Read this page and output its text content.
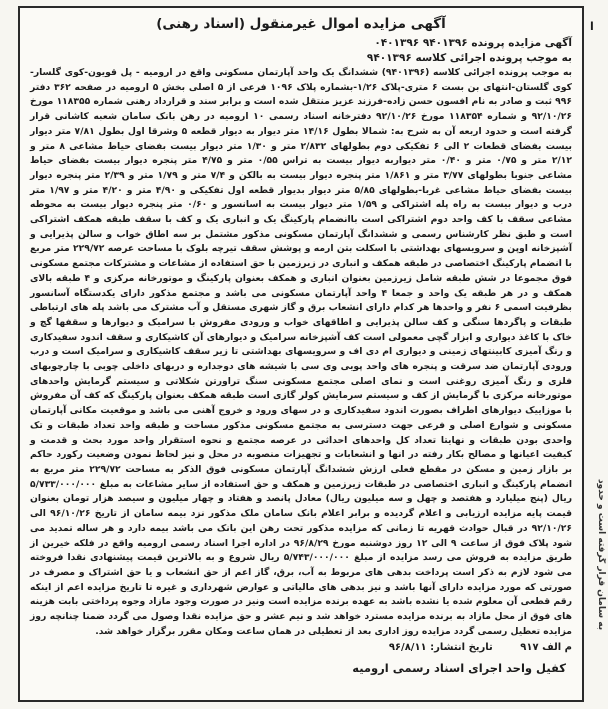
ا
به سامان قرار گرفته است و حدود
آگهی مزایده اموال غیرمنقول (اسناد رهنی)
آگهی مزایده پرونده ۹۴۰۱۳۹۶ ۰۴۰۱۳۹۶
به موجب پرونده اجرائی کلاسه ۹۴۰۱۳۹۶

به موجب پرونده اجرائی کلاسه (۹۴۰۱۳۹۶) ششدانگ یک واحد آپارتمان مسکونی واقع در ارومیه - پل قویون-کوی گلسار-کوی گلستان-انتهای بن بست ۶ متری-پلاک ۱/۲۶-بشماره پلاک ۱۰۹۶ فرعی از ۵ اصلی بخش ۵ ارومیه در صفحه ۳۶۲ دفتر ۹۹۶ ثبت و صادر به نام افسون حسن زاده-فرزند عزیز منتقل شده است و برابر سند و قرارداد رهنی شماره ۱۱۸۳۵۵ مورخ ۹۲/۱۰/۲۶ و شماره ۱۱۸۳۵۴ مورخ ۹۲/۱۰/۲۶ دفترخانه اسناد رسمی ۱۰ ارومیه در رهن بانک سامان شعبه کاشانی قرار گرفته است و حدود اربعه آن به شرح به: شمالا بطول ۱۴/۱۶ متر دیوار به دیوار قطعه ۵ وشرقا اول بطول ۷/۸۱ متر دیوار بیست بفضای قطعات ۲ الی ۶ تفکیکی دوم بطولهای ۲/۸۳۲ متر و ۱/۳۰ متر دیوار بیست بفضای حیاط مشاعی ۸ متر و ۲/۱۲ متر و ۰/۷۵ متر و ۰/۴۰ متر دیواربه دیوار بیست به تراس ۰/۵۵ متر و ۴/۷۵ متر پنجره دیوار بیست بفضای حیاط مشاعی جنوبا بطولهای ۳/۷۷ متر و ۱/۸۶۱ متر پنجره دیوار بیست به بالکن و ۷/۴ متر و ۱/۷۹ متر و ۲/۳۹ متر پنجره دیوار بیست بفضای حیاط مشاعی غربا-بطولهای ۵/۸۵ متر دیوار بدیوار قطعه اول تفکیکی و ۴/۹۰ متر و ۴/۲۰ متر و ۱/۹۷ متر درب و دیوار بیست به راه پله اشتراکی و ۱/۵۹ متر دیوار بیست به اسانسور و ۰/۶۰ متر پنجره دیوار بیست به محوطه مشاعی سقف با کف واحد دوم اشتراکی است باانضمام پارکینگ یک و انباری یک و کف با سقف طبقه همکف اشتراکی است و طبق نظر کارشناس رسمی و ششدانگ آپارتمان مسکونی مذکور مشتمل بر سه اطاق خواب و سالن پذیرایی و آشپزخانه اوپن و سرویسهای بهداشتی با اسکلت بتن ارمه و پوشش سقف تیرچه بلوک با مساحت عرصه ۲۲۹/۷۲ متر مربع با انضمام پارکینگ اختصاصی در طبقه همکف و انباری در زیرزمین با حق استفاده از مشاعات و مشترکات مجتمع مسکونی فوق مجموعا در شش طبقه شامل زیرزمین بعنوان انباری و همکف بعنوان پارکینگ و موتورخانه مرکزی و ۴ طبقه بالای همکف و در هر طبقه یک واحد و جمعا ۴ واحد آپارتمان مسکونی می باشد و مجتمع مذکور دارای یکدستگاه آسانسور بظرفیت اسمی ۶ نفر و واحدها هر کدام دارای انشعاب برق و گاز شهری مستقل و آب مشترک می باشد پله های ارتباطی طبقات و پاگردها سنگی و کف سالن پذیرایی و اطاقهای خواب و ورودی مفروش با سرامیک و دیوارها و سقفها گچ و خاک با کاغذ دیواری و ابزار گچی معمولی است کف آشپزخانه سرامیک و دیوارهای آن کاشیکاری و سقف اندود سفیدکاری و رنگ آمیزی کابینتهای زمینی و دیواری ام دی اف و سرویسهای بهداشتی تا زیر سقف کاشیکاری و سرامیک است و درب ورودی آپارتمان ضد سرقت و پنجره های واحد پویی وی سی با شیشه های دوجداره و دربهای داخلی چوبی با چارچوبهای فلزی و رنگ آمیزی روغنی است و نمای اصلی مجتمع مسکونی سنگ تراورتن شکلاتی و سیستم گرمایش واحدهای موتورخانه مرکزی با گرمایش از کف و سیستم سرمایش کولر گازی است طبقه همکف بعنوان پارکینگ که کف آن مفروش با موزاییک دیوارهای اطراف بصورت اندود سفیدکاری و در سهای ورود و خروج آهنی می باشد و موقعیت مکانی آپارتمان مسکونی و شوارع اصلی و فرعی جهت دسترسی به مجتمع مسکونی مذکور مساحت و طبقه واحد تعداد طبقات و تک واحدی بودن طبقات و نهایتا تعداد کل واحدهای احداثی در عرصه مجتمع و نحوه استقرار واحد مورد بحث و قدمت و کیفیت اعیانها و مصالح بکار رفته در انها و انشعابات و تجهیزات منصوبه در محل و نیز لحاظ نمودن وضعیت رکورد حاکم بر بازار زمین و مسکن در مقطع فعلی ارزش ششدانگ آپارتمان مسکونی فوق الذکر به مساحت ۲۲۹/۷۲ متر مربع به انضمام پارکینگ و انباری اختصاصی در طبقات زیرزمین و همکف و حق استفاده از سایر مشاعات به مبلغ ۵/۷۳۳/۰۰۰/۰۰۰ ریال (پنج میلیارد و هفتصد و چهل و سه میلیون ریال) معادل پانصد و هفتاد و چهار میلیون و سیصد هزار تومان بعنوان قیمت پایه مزایده ارزیابی و اعلام گردیده و برابر اعلام بانک سامان ملک مذکور نزد بیمه سامان از تاریخ ۹۶/۱۰/۲۶ الی ۹۲/۱۰/۲۶ در قبال حوادث قهریه تا زمانی که مزایده مذکور تحت رهن این بانک می باشد بیمه دارد و هر ساله تمدید می شود پلاک فوق از ساعت ۹ الی ۱۲ روز دوشنبه مورخ ۹۶/۸/۲۹ در اداره اجرا اسناد رسمی ارومیه واقع در فلکه خیرین از طریق مزایده به فروش می رسد مزایده از مبلغ ۵/۷۴۳/۰۰۰/۰۰۰ ریال شروع و به بالاترین قیمت پیشنهادی نقدا فروخته می شود لازم به ذکر است پرداخت بدهی های مربوط به آب، برق، گاز اعم از حق انشعاب و یا حق اشتراک و مصرف در صورتی که مورد مزایده دارای آنها باشد و نیز بدهی های مالیاتی و عوارض شهرداری و غیره تا تاریخ مزایده اعم از اینکه رقم قطعی آن معلوم شده یا نشده باشد به عهده برنده مزایده است ونیز در صورت وجود مازاد وجوه پرداختی بابت هزینه های فوق از محل مازاد به برنده مزایده مسترد خواهد شد و نیم عشر و حق مزایده نقدا وصول می گردد ضمنا چنانچه روز مزایده تعطیل رسمی گردد مزایده روز اداری بعد از تعطیلی در همان ساعت ومکان مقرر برگزار خواهد شد.

م الف ۹۱۷ تاریخ انتشار: ۹۶/۸/۱۱
کفیل واحد اجرای اسناد رسمی ارومیه
